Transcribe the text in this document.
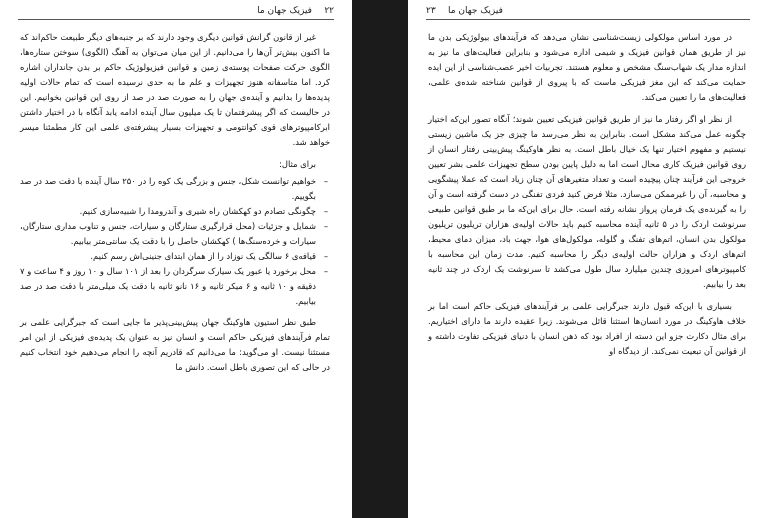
۲۲
فیزیک جهان ما

غیر از قانون گرانش قوانین دیگری وجود دارند که بر جنبه‌های دیگر طبیعت حاکم‌اند که ما اکنون بیش‌تر آن‌ها را می‌دانیم. از این میان می‌توان به آهنگ (الگوی) سوختن ستاره‌ها، الگوی حرکت صفحات پوسته‌ی زمین و قوانین فیزیولوژیک حاکم بر بدن جانداران اشاره کرد. اما متاسفانه هنوز تجهیزات و علم ما به حدی نرسیده است که تمام حالات اولیه پدیده‌ها را بدانیم و آینده‌ی جهان را به صورت صد در صد از روی این قوانین بخوانیم. این در حالیست که اگر پیشرفتمان تا یک میلیون سال آینده ادامه یابد آنگاه با در اختیار داشتن ابرکامپیوترهای قوی کوانتومی و تجهیزات بسیار پیشرفته‌ی علمی این کار مطمئنا میسر خواهد شد.

برای مثال:

– خواهیم توانست شکل، جنس و بزرگی یک کوه را در ۲۵۰ سال آینده با دقت صد در صد بگوییم.

– چگونگی تصادم دو کهکشان راه شیری و آندرومدا را شبیه‌سازی کنیم.

– شمایل و جزئیات (محل قرارگیری ستارگان و سیارات، جنس و تناوب مداری ستارگان، سیارات و خرده‌سنگ‌ها ) کهکشان حاصل را با دقت یک سانتی‌متر بیابیم.

– قیافه‌ی ۶ سالگی یک نوزاد را از همان ابتدای جنینی‌اش رسم کنیم.

– محل برخورد یا عبور یک سیارک سرگردان را بعد از ۱۰۱ سال و ۱۰ روز و ۴ ساعت و ۷ دقیقه و ۱۰ ثانیه و ۶ میکر ثانیه و ۱۶ نانو ثانیه با دقت یک میلی‌متر با دقت صد در صد بیابیم.

طبق نظر استیون هاوکینگ جهان پیش‌بینی‌پذیر ما جایی است که جبرگرایی علمی بر تمام فرآیندهای فیزیکی حاکم است و انسان نیز به عنوان یک پدیده‌ی فیزیکی از این امر مستثنا نیست. او می‌گوید: ما می‌دانیم که قادریم آنچه را انجام می‌دهیم خود انتخاب کنیم در حالی که این تصوری باطل است. دانش ما

۲۳ فیزیک جهان ما

در مورد اساس مولکولی زیست‌شناسی نشان می‌دهد که فرآیندهای بیولوژیکی بدن ما نیز از طریق همان قوانین فیزیک و شیمی اداره می‌شود و بنابراین فعالیت‌های ما نیز به اندازه مدار یک شهاب‌سنگ مشخص و معلوم هستند. تجربیات اخیر عصب‌شناسی از این ایده حمایت می‌کند که این مغز فیزیکی ماست که با پیروی از قوانین شناخته شده‌ی علمی، فعالیت‌های ما را تعیین می‌کند.

از نظر او اگر رفتار ما نیز از طریق قوانین فیزیکی تعیین شوند؛ آنگاه تصور این‌که اختیار چگونه عمل می‌کند مشکل است. بنابراین به نظر می‌رسد ما چیزی جز یک ماشین زیستی نیستیم و مفهوم اختیار تنها یک خیال باطل است. به نظر هاوکینگ پیش‌بینی رفتار انسان از روی قوانین فیزیک کاری محال است اما به دلیل پایین بودن سطح تجهیزات علمی بشر تعیین خروجی این فرآیند چنان پیچیده است و تعداد متغیرهای آن چنان زیاد است که عملا پیشگویی و محاسبه، آن را غیرممکن می‌سازد. مثلا فرض کنید فردی تفنگی در دست گرفته است و آن را به گیرنده‌ی یک فرمان پرواز نشانه رفته است. حال برای این‌که ما بر طبق قوانین طبیعی سرنوشت اردک را در ۵ ثانیه آینده محاسبه کنیم باید حالات اولیه‌ی هزاران تریلیون تریلیون مولکول بدن انسان، اتم‌های تفنگ و گلوله، مولکول‌های هوا، جهت باد، میزان دمای محیط، اتم‌های اردک و هزاران حالت اولیه‌ی دیگر را محاسبه کنیم. مدت زمان این محاسبه با کامپیوترهای امروزی چندین میلیارد سال طول می‌کشد تا سرنوشت یک اردک در چند ثانیه بعد را بیابیم.

بسیاری با این‌که قبول دارند جبرگرایی علمی بر فرآیندهای فیزیکی حاکم است اما بر خلاف هاوکینگ در مورد انسان‌ها استثنا قائل می‌شوند. زیرا عقیده دارند ما دارای اختیاریم. برای مثال دکارت جزو این دسته از افراد بود که ذهن انسان با دنیای فیزیکی تفاوت داشته و از قوانین آن تبعیت نمی‌کند. از دیدگاه او
